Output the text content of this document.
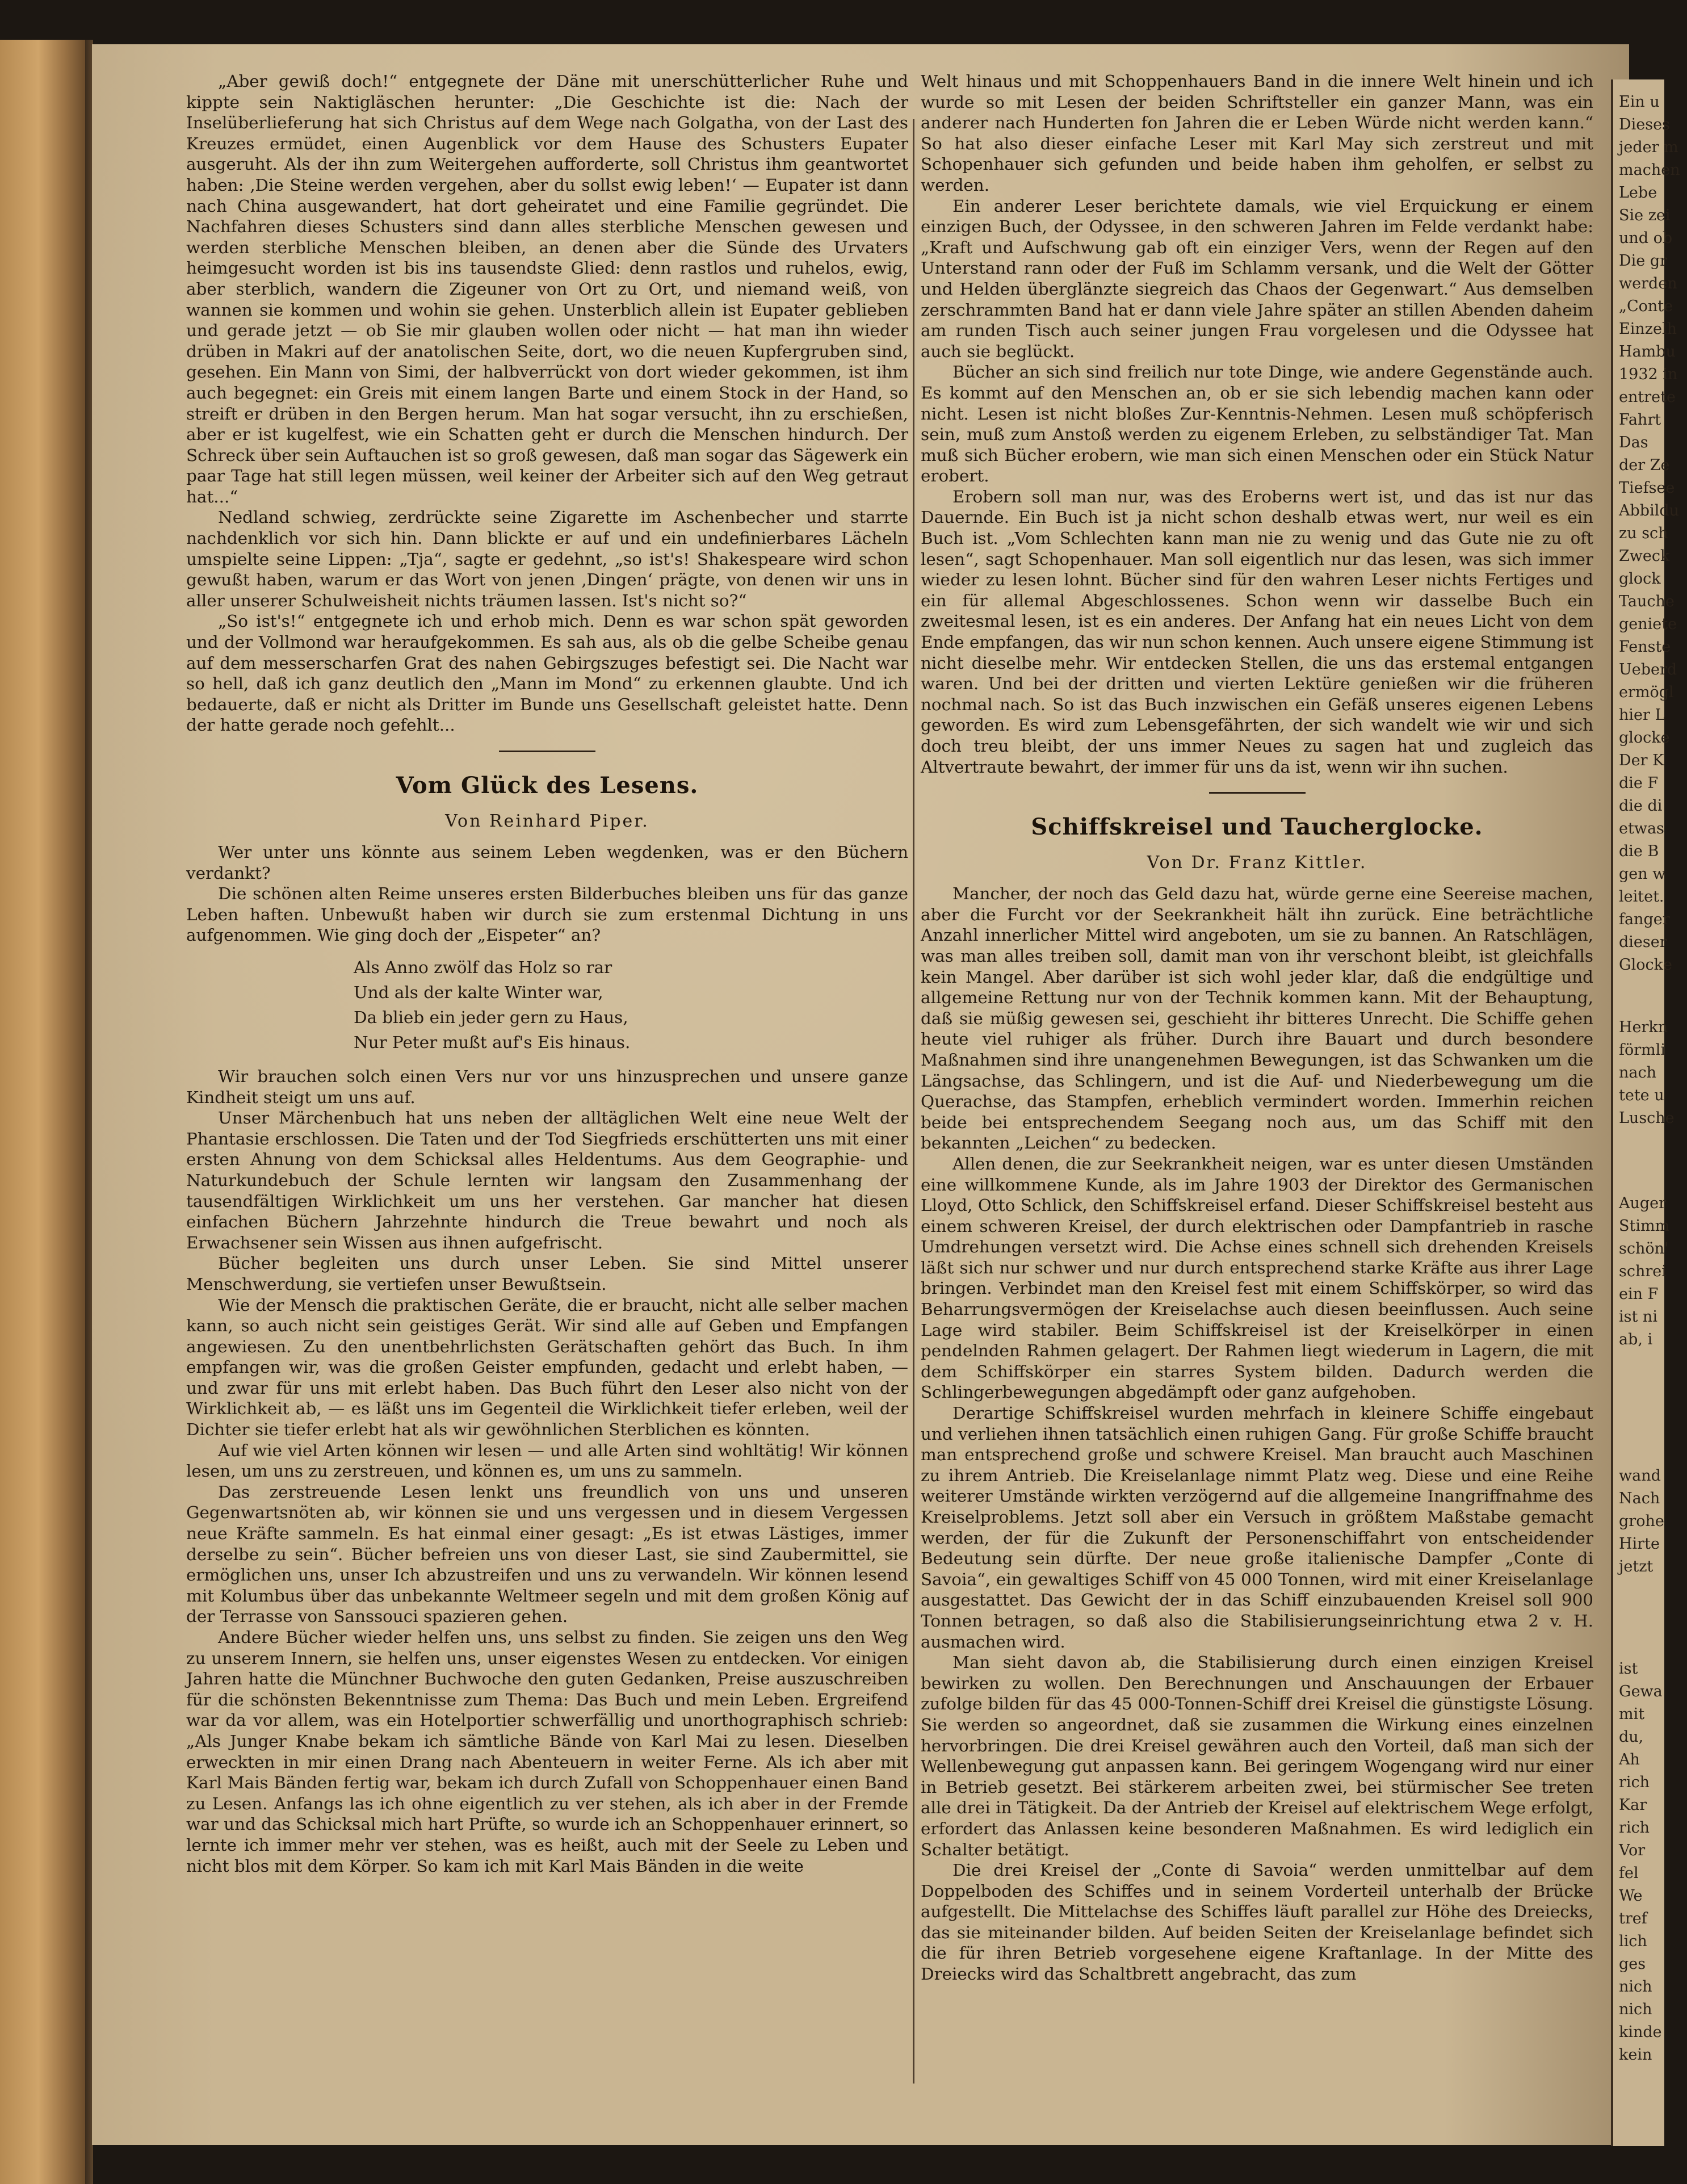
„Aber gewiß doch!“ entgegnete der Däne mit unerschütterlicher Ruhe und kippte sein Naktigläschen herunter: „Die Geschichte ist die: Nach der Inselüberlieferung hat sich Christus auf dem Wege nach Golgatha, von der Last des Kreuzes ermüdet, einen Augenblick vor dem Hause des Schusters Eupater ausgeruht. Als der ihn zum Weitergehen aufforderte, soll Christus ihm geantwortet haben: ‚Die Steine werden vergehen, aber du sollst ewig leben!‘ — Eupater ist dann nach China ausgewandert, hat dort geheiratet und eine Familie gegründet. Die Nachfahren dieses Schusters sind dann alles sterbliche Menschen gewesen und werden sterbliche Menschen bleiben, an denen aber die Sünde des Urvaters heimgesucht worden ist bis ins tausendste Glied: denn rastlos und ruhelos, ewig, aber sterblich, wandern die Zigeuner von Ort zu Ort, und niemand weiß, von wannen sie kommen und wohin sie gehen. Unsterblich allein ist Eupater geblieben und gerade jetzt — ob Sie mir glauben wollen oder nicht — hat man ihn wieder drüben in Makri auf der anatolischen Seite, dort, wo die neuen Kupfergruben sind, gesehen. Ein Mann von Simi, der halbverrückt von dort wieder gekommen, ist ihm auch begegnet: ein Greis mit einem langen Barte und einem Stock in der Hand, so streift er drüben in den Bergen herum. Man hat sogar versucht, ihn zu erschießen, aber er ist kugelfest, wie ein Schatten geht er durch die Menschen hindurch. Der Schreck über sein Auftauchen ist so groß gewesen, daß man sogar das Sägewerk ein paar Tage hat still legen müssen, weil keiner der Arbeiter sich auf den Weg getraut hat...“

Nedland schwieg, zerdrückte seine Zigarette im Aschenbecher und starrte nachdenklich vor sich hin. Dann blickte er auf und ein undefinierbares Lächeln umspielte seine Lippen: „Tja“, sagte er gedehnt, „so ist's! Shakespeare wird schon gewußt haben, warum er das Wort von jenen ‚Dingen‘ prägte, von denen wir uns in aller unserer Schulweisheit nichts träumen lassen. Ist's nicht so?“

„So ist's!“ entgegnete ich und erhob mich. Denn es war schon spät geworden und der Vollmond war heraufgekommen. Es sah aus, als ob die gelbe Scheibe genau auf dem messerscharfen Grat des nahen Gebirgszuges befestigt sei. Die Nacht war so hell, daß ich ganz deutlich den „Mann im Mond“ zu erkennen glaubte. Und ich bedauerte, daß er nicht als Dritter im Bunde uns Gesellschaft geleistet hatte. Denn der hatte gerade noch gefehlt...

Vom Glück des Lesens.
Von Reinhard Piper.

Wer unter uns könnte aus seinem Leben wegdenken, was er den Büchern verdankt?

Die schönen alten Reime unseres ersten Bilderbuches bleiben uns für das ganze Leben haften. Unbewußt haben wir durch sie zum erstenmal Dichtung in uns aufgenommen. Wie ging doch der „Eispeter“ an?

Als Anno zwölf das Holz so rar
Und als der kalte Winter war,
Da blieb ein jeder gern zu Haus,
Nur Peter mußt auf's Eis hinaus.

Wir brauchen solch einen Vers nur vor uns hinzusprechen und unsere ganze Kindheit steigt um uns auf.

Unser Märchenbuch hat uns neben der alltäglichen Welt eine neue Welt der Phantasie erschlossen. Die Taten und der Tod Siegfrieds erschütterten uns mit einer ersten Ahnung von dem Schicksal alles Heldentums. Aus dem Geographie- und Naturkundebuch der Schule lernten wir langsam den Zusammenhang der tausendfältigen Wirklichkeit um uns her verstehen. Gar mancher hat diesen einfachen Büchern Jahrzehnte hindurch die Treue bewahrt und noch als Erwachsener sein Wissen aus ihnen aufgefrischt.

Bücher begleiten uns durch unser Leben. Sie sind Mittel unserer Menschwerdung, sie vertiefen unser Bewußtsein.

Wie der Mensch die praktischen Geräte, die er braucht, nicht alle selber machen kann, so auch nicht sein geistiges Gerät. Wir sind alle auf Geben und Empfangen angewiesen. Zu den unentbehrlichsten Gerätschaften gehört das Buch. In ihm empfangen wir, was die großen Geister empfunden, gedacht und erlebt haben, — und zwar für uns mit erlebt haben. Das Buch führt den Leser also nicht von der Wirklichkeit ab, — es läßt uns im Gegenteil die Wirklichkeit tiefer erleben, weil der Dichter sie tiefer erlebt hat als wir gewöhnlichen Sterblichen es könnten.

Auf wie viel Arten können wir lesen — und alle Arten sind wohltätig! Wir können lesen, um uns zu zerstreuen, und können es, um uns zu sammeln.

Das zerstreuende Lesen lenkt uns freundlich von uns und unseren Gegenwartsnöten ab, wir können sie und uns vergessen und in diesem Vergessen neue Kräfte sammeln. Es hat einmal einer gesagt: „Es ist etwas Lästiges, immer derselbe zu sein“. Bücher befreien uns von dieser Last, sie sind Zaubermittel, sie ermöglichen uns, unser Ich abzustreifen und uns zu verwandeln. Wir können lesend mit Kolumbus über das unbekannte Weltmeer segeln und mit dem großen König auf der Terrasse von Sanssouci spazieren gehen.

Andere Bücher wieder helfen uns, uns selbst zu finden. Sie zeigen uns den Weg zu unserem Innern, sie helfen uns, unser eigenstes Wesen zu entdecken. Vor einigen Jahren hatte die Münchner Buchwoche den guten Gedanken, Preise auszuschreiben für die schönsten Bekenntnisse zum Thema: Das Buch und mein Leben. Ergreifend war da vor allem, was ein Hotelportier schwerfällig und unorthographisch schrieb: „Als Junger Knabe bekam ich sämtliche Bände von Karl Mai zu lesen. Dieselben erweckten in mir einen Drang nach Abenteuern in weiter Ferne. Als ich aber mit Karl Mais Bänden fertig war, bekam ich durch Zufall von Schoppenhauer einen Band zu Lesen. Anfangs las ich ohne eigentlich zu ver stehen, als ich aber in der Fremde war und das Schicksal mich hart Prüfte, so wurde ich an Schoppenhauer erinnert, so lernte ich immer mehr ver stehen, was es heißt, auch mit der Seele zu Leben und nicht blos mit dem Körper. So kam ich mit Karl Mais Bänden in die weite

Welt hinaus und mit Schoppenhauers Band in die innere Welt hinein und ich wurde so mit Lesen der beiden Schriftsteller ein ganzer Mann, was ein anderer nach Hunderten fon Jahren die er Leben Würde nicht werden kann.“ So hat also dieser einfache Leser mit Karl May sich zerstreut und mit Schopenhauer sich gefunden und beide haben ihm geholfen, er selbst zu werden.

Ein anderer Leser berichtete damals, wie viel Erquickung er einem einzigen Buch, der Odyssee, in den schweren Jahren im Felde verdankt habe: „Kraft und Aufschwung gab oft ein einziger Vers, wenn der Regen auf den Unterstand rann oder der Fuß im Schlamm versank, und die Welt der Götter und Helden überglänzte siegreich das Chaos der Gegenwart.“ Aus demselben zerschrammten Band hat er dann viele Jahre später an stillen Abenden daheim am runden Tisch auch seiner jungen Frau vorgelesen und die Odyssee hat auch sie beglückt.

Bücher an sich sind freilich nur tote Dinge, wie andere Gegenstände auch. Es kommt auf den Menschen an, ob er sie sich lebendig machen kann oder nicht. Lesen ist nicht bloßes Zur-Kenntnis-Nehmen. Lesen muß schöpferisch sein, muß zum Anstoß werden zu eigenem Erleben, zu selbständiger Tat. Man muß sich Bücher erobern, wie man sich einen Menschen oder ein Stück Natur erobert.

Erobern soll man nur, was des Eroberns wert ist, und das ist nur das Dauernde. Ein Buch ist ja nicht schon deshalb etwas wert, nur weil es ein Buch ist. „Vom Schlechten kann man nie zu wenig und das Gute nie zu oft lesen“, sagt Schopenhauer. Man soll eigentlich nur das lesen, was sich immer wieder zu lesen lohnt. Bücher sind für den wahren Leser nichts Fertiges und ein für allemal Abgeschlossenes. Schon wenn wir dasselbe Buch ein zweitesmal lesen, ist es ein anderes. Der Anfang hat ein neues Licht von dem Ende empfangen, das wir nun schon kennen. Auch unsere eigene Stimmung ist nicht dieselbe mehr. Wir entdecken Stellen, die uns das erstemal entgangen waren. Und bei der dritten und vierten Lektüre genießen wir die früheren nochmal nach. So ist das Buch inzwischen ein Gefäß unseres eigenen Lebens geworden. Es wird zum Lebensgefährten, der sich wandelt wie wir und sich doch treu bleibt, der uns immer Neues zu sagen hat und zugleich das Altvertraute bewahrt, der immer für uns da ist, wenn wir ihn suchen.

Schiffskreisel und Taucherglocke.
Von Dr. Franz Kittler.

Mancher, der noch das Geld dazu hat, würde gerne eine Seereise machen, aber die Furcht vor der Seekrankheit hält ihn zurück. Eine beträchtliche Anzahl innerlicher Mittel wird angeboten, um sie zu bannen. An Ratschlägen, was man alles treiben soll, damit man von ihr verschont bleibt, ist gleichfalls kein Mangel. Aber darüber ist sich wohl jeder klar, daß die endgültige und allgemeine Rettung nur von der Technik kommen kann. Mit der Behauptung, daß sie müßig gewesen sei, geschieht ihr bitteres Unrecht. Die Schiffe gehen heute viel ruhiger als früher. Durch ihre Bauart und durch besondere Maßnahmen sind ihre unangenehmen Bewegungen, ist das Schwanken um die Längsachse, das Schlingern, und ist die Auf- und Niederbewegung um die Querachse, das Stampfen, erheblich vermindert worden. Immerhin reichen beide bei entsprechendem Seegang noch aus, um das Schiff mit den bekannten „Leichen“ zu bedecken.

Allen denen, die zur Seekrankheit neigen, war es unter diesen Umständen eine willkommene Kunde, als im Jahre 1903 der Direktor des Germanischen Lloyd, Otto Schlick, den Schiffskreisel erfand. Dieser Schiffskreisel besteht aus einem schweren Kreisel, der durch elektrischen oder Dampfantrieb in rasche Umdrehungen versetzt wird. Die Achse eines schnell sich drehenden Kreisels läßt sich nur schwer und nur durch entsprechend starke Kräfte aus ihrer Lage bringen. Verbindet man den Kreisel fest mit einem Schiffskörper, so wird das Beharrungsvermögen der Kreiselachse auch diesen beeinflussen. Auch seine Lage wird stabiler. Beim Schiffskreisel ist der Kreiselkörper in einen pendelnden Rahmen gelagert. Der Rahmen liegt wiederum in Lagern, die mit dem Schiffskörper ein starres System bilden. Dadurch werden die Schlingerbewegungen abgedämpft oder ganz aufgehoben.

Derartige Schiffskreisel wurden mehrfach in kleinere Schiffe eingebaut und verliehen ihnen tatsächlich einen ruhigen Gang. Für große Schiffe braucht man entsprechend große und schwere Kreisel. Man braucht auch Maschinen zu ihrem Antrieb. Die Kreiselanlage nimmt Platz weg. Diese und eine Reihe weiterer Umstände wirkten verzögernd auf die allgemeine Inangriffnahme des Kreiselproblems. Jetzt soll aber ein Versuch in größtem Maßstabe gemacht werden, der für die Zukunft der Personenschiffahrt von entscheidender Bedeutung sein dürfte. Der neue große italienische Dampfer „Conte di Savoia“, ein gewaltiges Schiff von 45 000 Tonnen, wird mit einer Kreiselanlage ausgestattet. Das Gewicht der in das Schiff einzubauenden Kreisel soll 900 Tonnen betragen, so daß also die Stabilisierungseinrichtung etwa 2 v. H. ausmachen wird.

Man sieht davon ab, die Stabilisierung durch einen einzigen Kreisel bewirken zu wollen. Den Berechnungen und Anschauungen der Erbauer zufolge bilden für das 45 000-Tonnen-Schiff drei Kreisel die günstigste Lösung. Sie werden so angeordnet, daß sie zusammen die Wirkung eines einzelnen hervorbringen. Die drei Kreisel gewähren auch den Vorteil, daß man sich der Wellenbewegung gut anpassen kann. Bei geringem Wogengang wird nur einer in Betrieb gesetzt. Bei stärkerem arbeiten zwei, bei stürmischer See treten alle drei in Tätigkeit. Da der Antrieb der Kreisel auf elektrischem Wege erfolgt, erfordert das Anlassen keine besonderen Maßnahmen. Es wird lediglich ein Schalter betätigt.

Die drei Kreisel der „Conte di Savoia“ werden unmittelbar auf dem Doppelboden des Schiffes und in seinem Vorderteil unterhalb der Brücke aufgestellt. Die Mittelachse des Schiffes läuft parallel zur Höhe des Dreiecks, das sie miteinander bilden. Auf beiden Seiten der Kreiselanlage befindet sich die für ihren Betrieb vorgesehene eigene Kraftanlage. In der Mitte des Dreiecks wird das Schaltbrett angebracht, das zum

Ein u
Dieses
jeder m
machen
Lebe
Sie zei
und ob
Die gr
werden
„Conte
Einzelh
Hambu
1932 in
entrete
Fahrt
Das
der Ze
Tiefsee
Abbildu
zu sch
Zweck
glock
Tauche
geniete
Fenste
Ueberd
ermögl
hier L
glocke
Der K
die F
die di
etwas
die B
gen w
leitet.
fanger
dieser
Glocke
Herkn
förmli
nach
tete u
Lusche
Auger
Stimm
schön'
schrei
ein F
ist ni
ab, i
wand
Nach
grohe
Hirte
jetzt
ist
Gewa
mit
du,
Ah
rich
Kar
rich
Vor
fel
We
tref
lich
ges
nich
nich
kinde
kein
